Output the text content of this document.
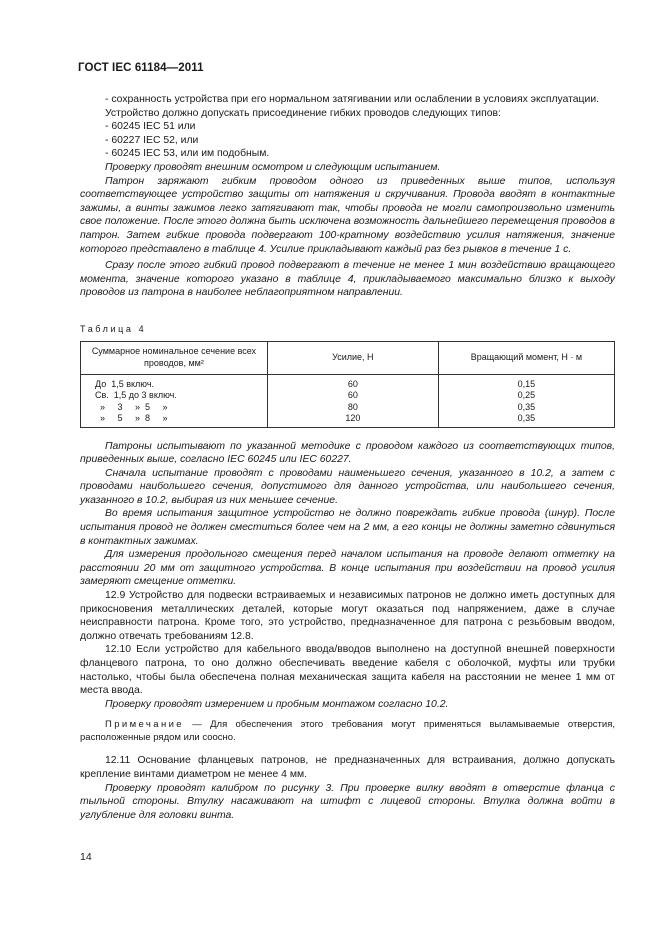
ГОСТ IEC 61184—2011

- сохранность устройства при его нормальном затягивании или ослаблении в условиях эксплуатации.

Устройство должно допускать присоединение гибких проводов следующих типов:

- 60245 IEC 51 или

- 60227 IEC 52, или

- 60245 IEC 53, или им подобным.

Проверку проводят внешним осмотром и следующим испытанием.

Патрон заряжают гибким проводом одного из приведенных выше типов, используя соответствующее устройство защиты от натяжения и скручивания. Провода вводят в контактные зажимы, а винты зажимов легко затягивают так, чтобы провода не могли самопроизвольно изменить свое положение. После этого должна быть исключена возможность дальнейшего перемещения проводов в патрон. Затем гибкие провода подвергают 100-кратному воздействию усилия натяжения, значение которого представлено в таблице 4. Усилие прикладывают каждый раз без рывков в течение 1 с.

Сразу после этого гибкий провод подвергают в течение не менее 1 мин воздействию вращающего момента, значение которого указано в таблице 4, прикладываемого максимально близко к выходу проводов из патрона в наиболее неблагоприятном направлении.

Таблица 4

Суммарное номинальное сечение всех проводов, мм²	Усилие, Н	Вращающий момент, Н · м
До  1,5 включ.	60	0,15
Св.  1,5 до 3 включ.	60	0,25
»     3     »  5     »	80	0,35
»     5     »  8     »	120	0,35

Патроны испытывают по указанной методике с проводом каждого из соответствующих типов, приведенных выше, согласно IEC 60245 или IEC 60227.

Сначала испытание проводят с проводами наименьшего сечения, указанного в 10.2, а затем с проводами наибольшего сечения, допустимого для данного устройства, или наибольшего сечения, указанного в 10.2, выбирая из них меньшее сечение.

Во время испытания защитное устройство не должно повреждать гибкие провода (шнур). После испытания провод не должен сместиться более чем на 2 мм, а его концы не должны заметно сдвинуться в контактных зажимах.

Для измерения продольного смещения перед началом испытания на проводе делают отметку на расстоянии 20 мм от защитного устройства. В конце испытания при воздействии на провод усилия замеряют смещение отметки.

12.9 Устройство для подвески встраиваемых и независимых патронов не должно иметь доступных для прикосновения металлических деталей, которые могут оказаться под напряжением, даже в случае неисправности патрона. Кроме того, это устройство, предназначенное для патрона с резьбовым вводом, должно отвечать требованиям 12.8.

12.10 Если устройство для кабельного ввода/вводов выполнено на доступной внешней поверхности фланцевого патрона, то оно должно обеспечивать введение кабеля с оболочкой, муфты или трубки настолько, чтобы была обеспечена полная механическая защита кабеля на расстоянии не менее 1 мм от места ввода.

Проверку проводят измерением и пробным монтажом согласно 10.2.

Примечание — Для обеспечения этого требования могут применяться выламываемые отверстия, расположенные рядом или соосно.

12.11 Основание фланцевых патронов, не предназначенных для встраивания, должно допускать крепление винтами диаметром не менее 4 мм.

Проверку проводят калибром по рисунку 3. При проверке вилку вводят в отверстие фланца с тыльной стороны. Втулку насаживают на штифт с лицевой стороны. Втулка должна войти в углубление для головки винта.

14
